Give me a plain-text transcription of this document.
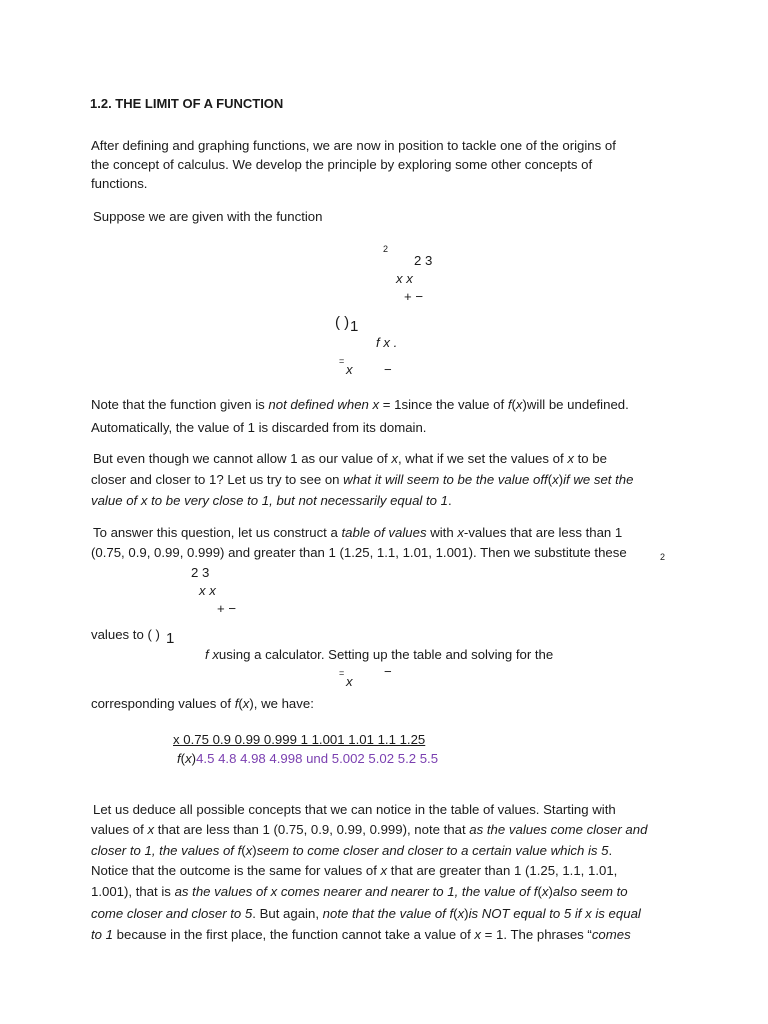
1.2. THE LIMIT OF A FUNCTION
After defining and graphing functions, we are now in position to tackle one of the origins of
the concept of calculus. We develop the principle by exploring some other concepts of
functions.
Suppose we are given with the function
2
2 3
x x
+ −
( ) 1
f x .
=
x −
Note that the function given is not defined when x = 1since the value of f(x)will be undefined.
Automatically, the value of 1 is discarded from its domain.
But even though we cannot allow 1 as our value of x, what if we set the values of x to be
closer and closer to 1? Let us try to see on what it will seem to be the value off(x)if we set the
value of x to be very close to 1, but not necessarily equal to 1.
To answer this question, let us construct a table of values with x-values that are less than 1
(0.75, 0.9, 0.99, 0.999) and greater than 1 (1.25, 1.1, 1.01, 1.001). Then we substitute these	2
2 3
x x
+ −
values to ( ) 1
f xusing a calculator. Setting up the table and solving for the
=
x
−
corresponding values of f(x), we have:
x 0.75 0.9 0.99 0.999 1 1.001 1.01 1.1 1.25
f(x)4.5 4.8 4.98 4.998 und 5.002 5.02 5.2 5.5
Let us deduce all possible concepts that we can notice in the table of values. Starting with
values of x that are less than 1 (0.75, 0.9, 0.99, 0.999), note that as the values come closer and
closer to 1, the values of f(x)seem to come closer and closer to a certain value which is 5.
Notice that the outcome is the same for values of x that are greater than 1 (1.25, 1.1, 1.01,
1.001), that is as the values of x comes nearer and nearer to 1, the value of f(x)also seem to
come closer and closer to 5. But again, note that the value of f(x)is NOT equal to 5 if x is equal
to 1 because in the first place, the function cannot take a value of x = 1. The phrases “comes
